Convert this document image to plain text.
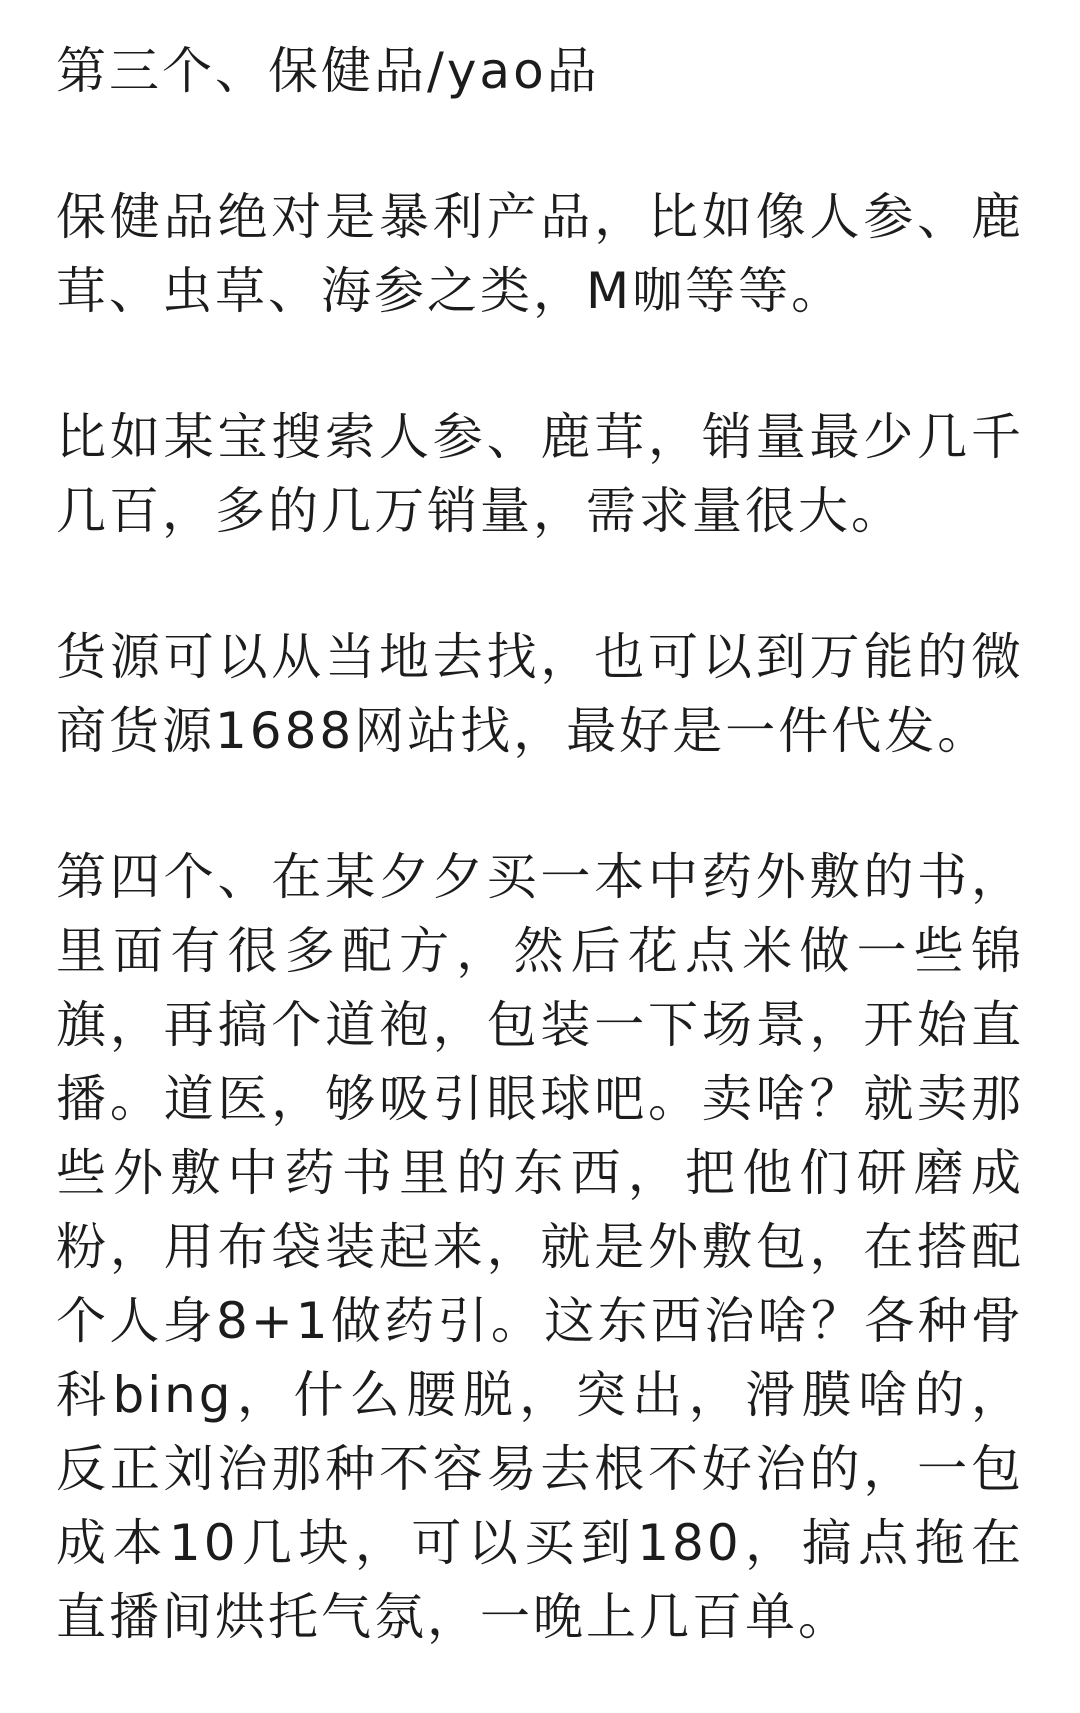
第三个、保健品/yao品

保健品绝对是暴利产品，比如像人参、鹿茸、虫草、海参之类，M咖等等。

比如某宝搜索人参、鹿茸，销量最少几千几百，多的几万销量，需求量很大。

货源可以从当地去找，也可以到万能的微商货源1688网站找，最好是一件代发。

第四个、在某夕夕买一本中药外敷的书，里面有很多配方，然后花点米做一些锦旗，再搞个道袍，包装一下场景，开始直播。道医，够吸引眼球吧。卖啥？就卖那些外敷中药书里的东西，把他们研磨成粉，用布袋装起来，就是外敷包，在搭配个人身8+1做药引。这东西治啥？各种骨科bing，什么腰脱，突出，滑膜啥的，反正刘治那种不容易去根不好治的，一包成本10几块，可以买到180，搞点拖在直播间烘托气氛，一晚上几百单。
